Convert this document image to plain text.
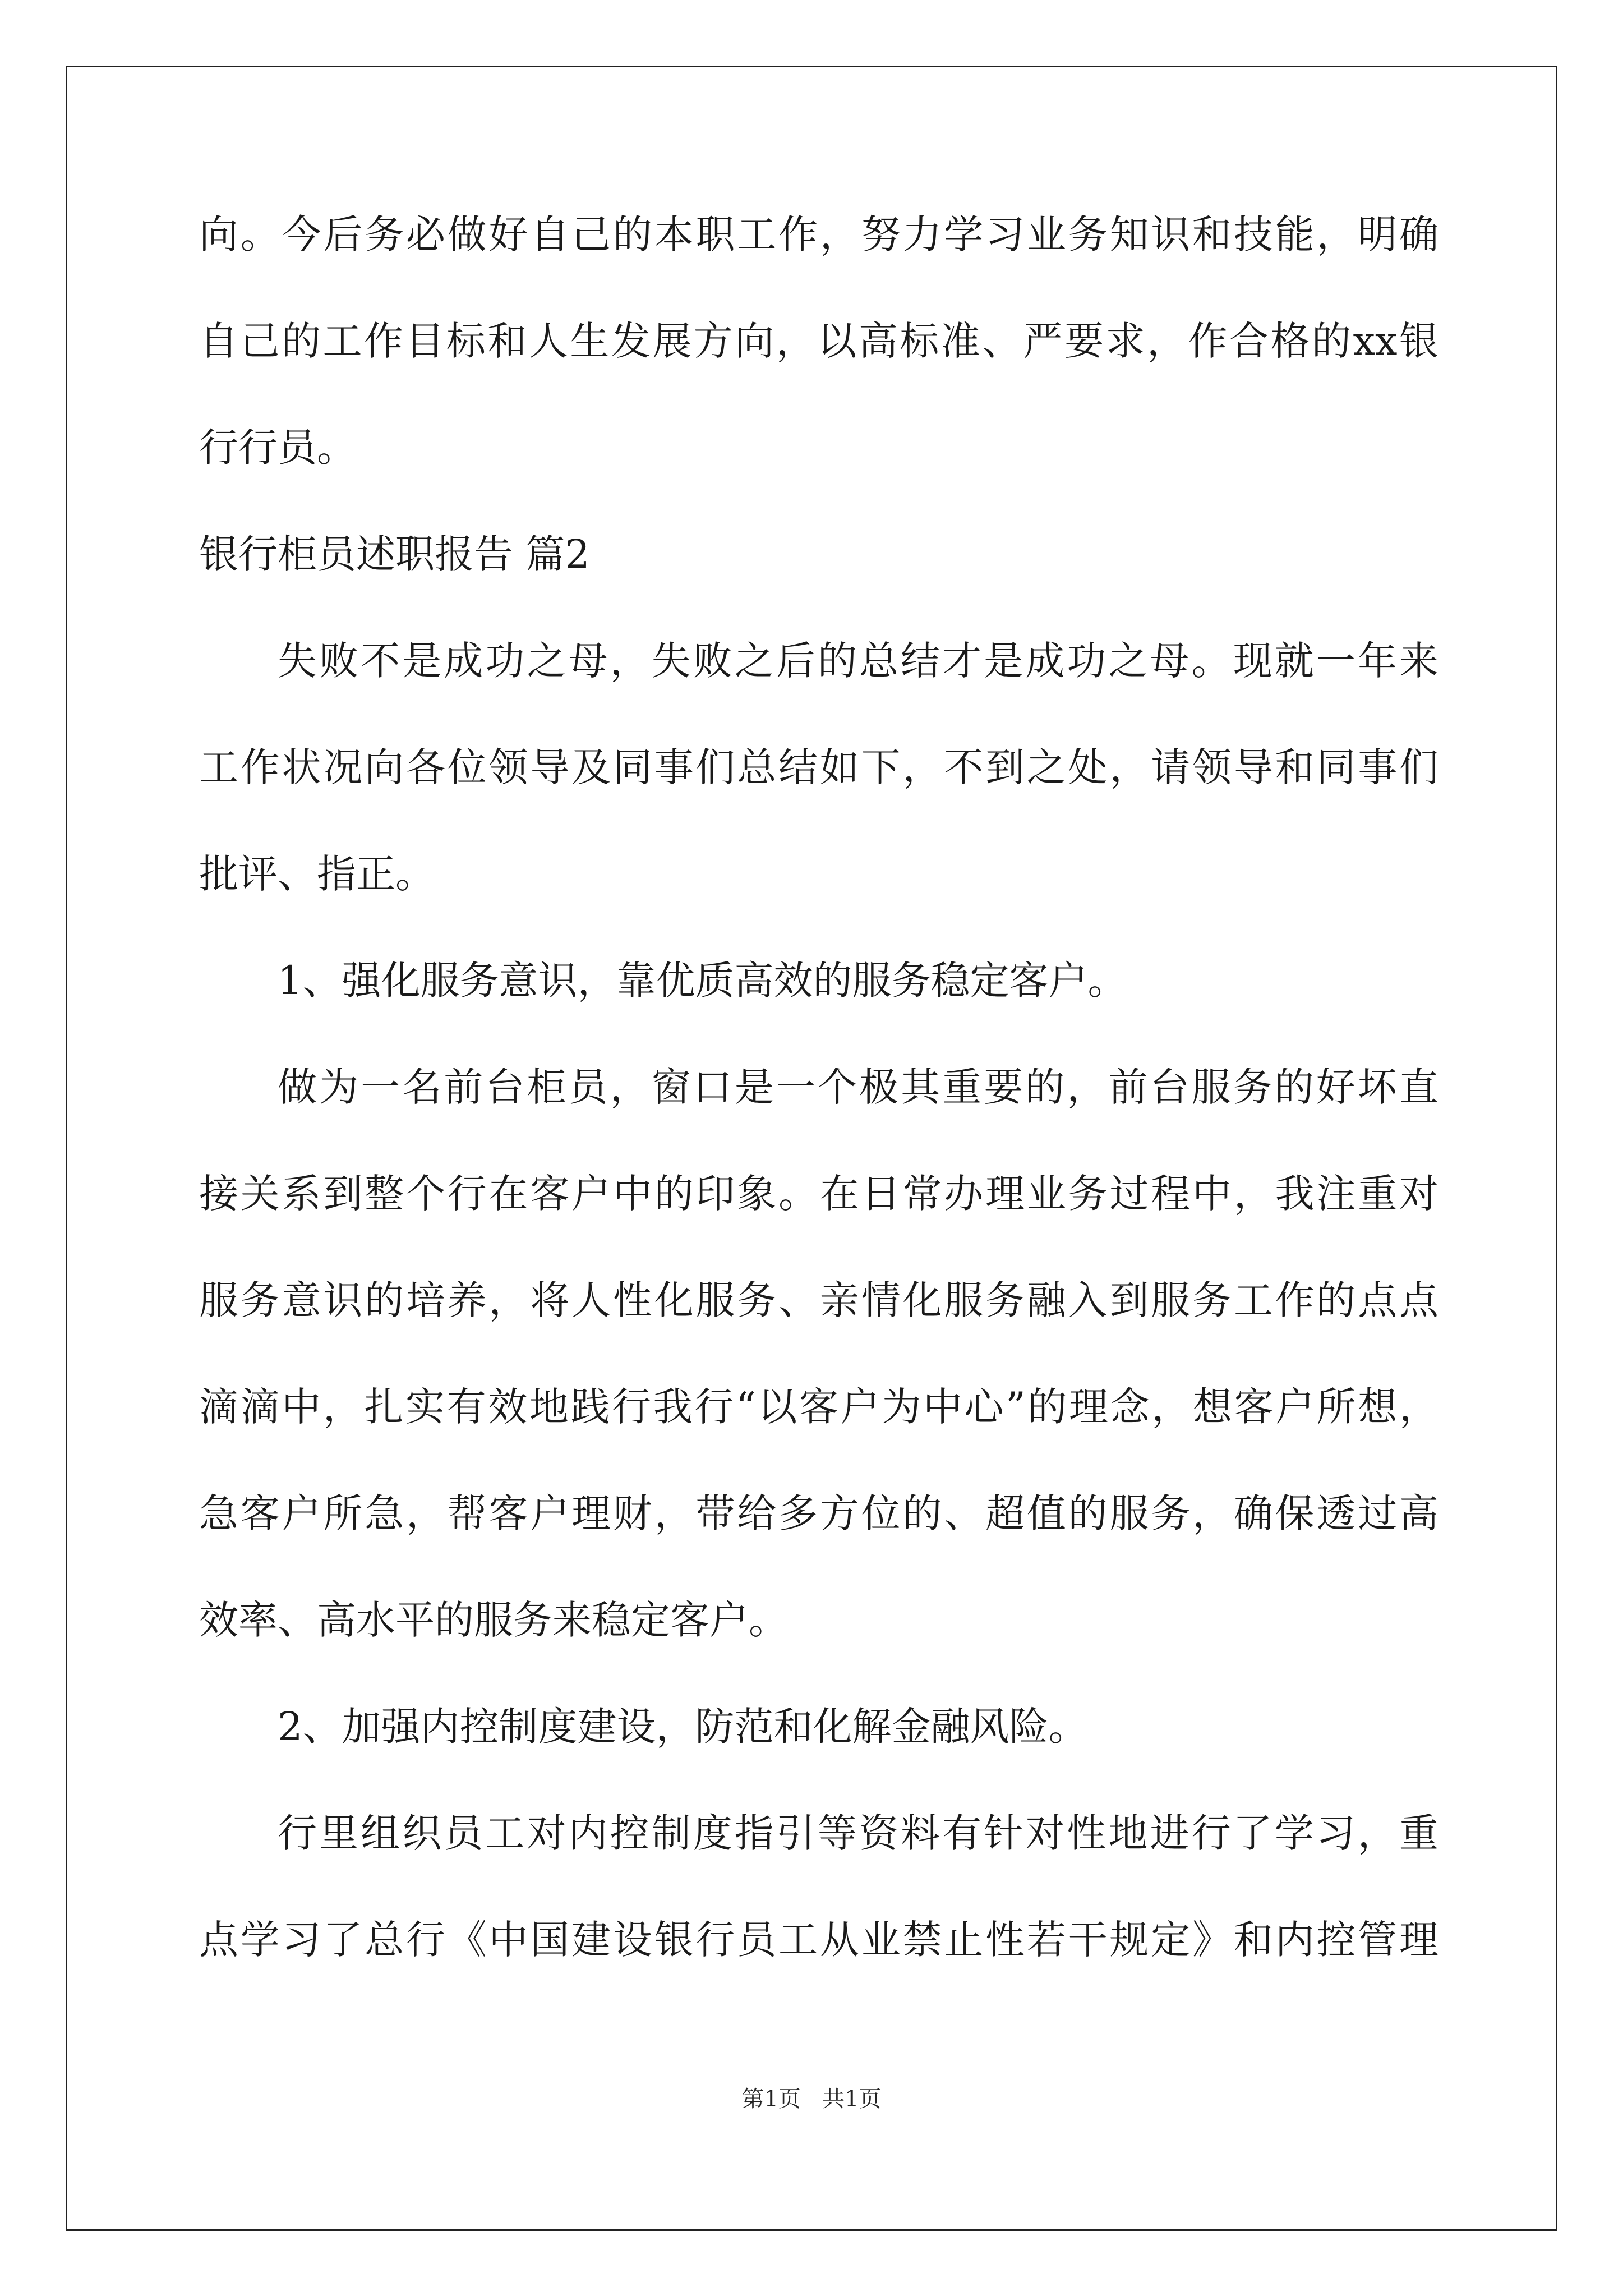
向。今后务必做好自己的本职工作，努力学习业务知识和技能，明确
自己的工作目标和人生发展方向，以高标准、严要求，作合格的xx银
行行员。
银行柜员述职报告 篇2
失败不是成功之母，失败之后的总结才是成功之母。现就一年来
工作状况向各位领导及同事们总结如下，不到之处，请领导和同事们
批评、指正。
1、强化服务意识，靠优质高效的服务稳定客户。
做为一名前台柜员，窗口是一个极其重要的，前台服务的好坏直
接关系到整个行在客户中的印象。在日常办理业务过程中，我注重对
服务意识的培养，将人性化服务、亲情化服务融入到服务工作的点点
滴滴中，扎实有效地践行我行“以客户为中心”的理念，想客户所想，
急客户所急，帮客户理财，带给多方位的、超值的服务，确保透过高
效率、高水平的服务来稳定客户。
2、加强内控制度建设，防范和化解金融风险。
行里组织员工对内控制度指引等资料有针对性地进行了学习，重
点学习了总行《中国建设银行员工从业禁止性若干规定》和内控管理
第1页   共1页
